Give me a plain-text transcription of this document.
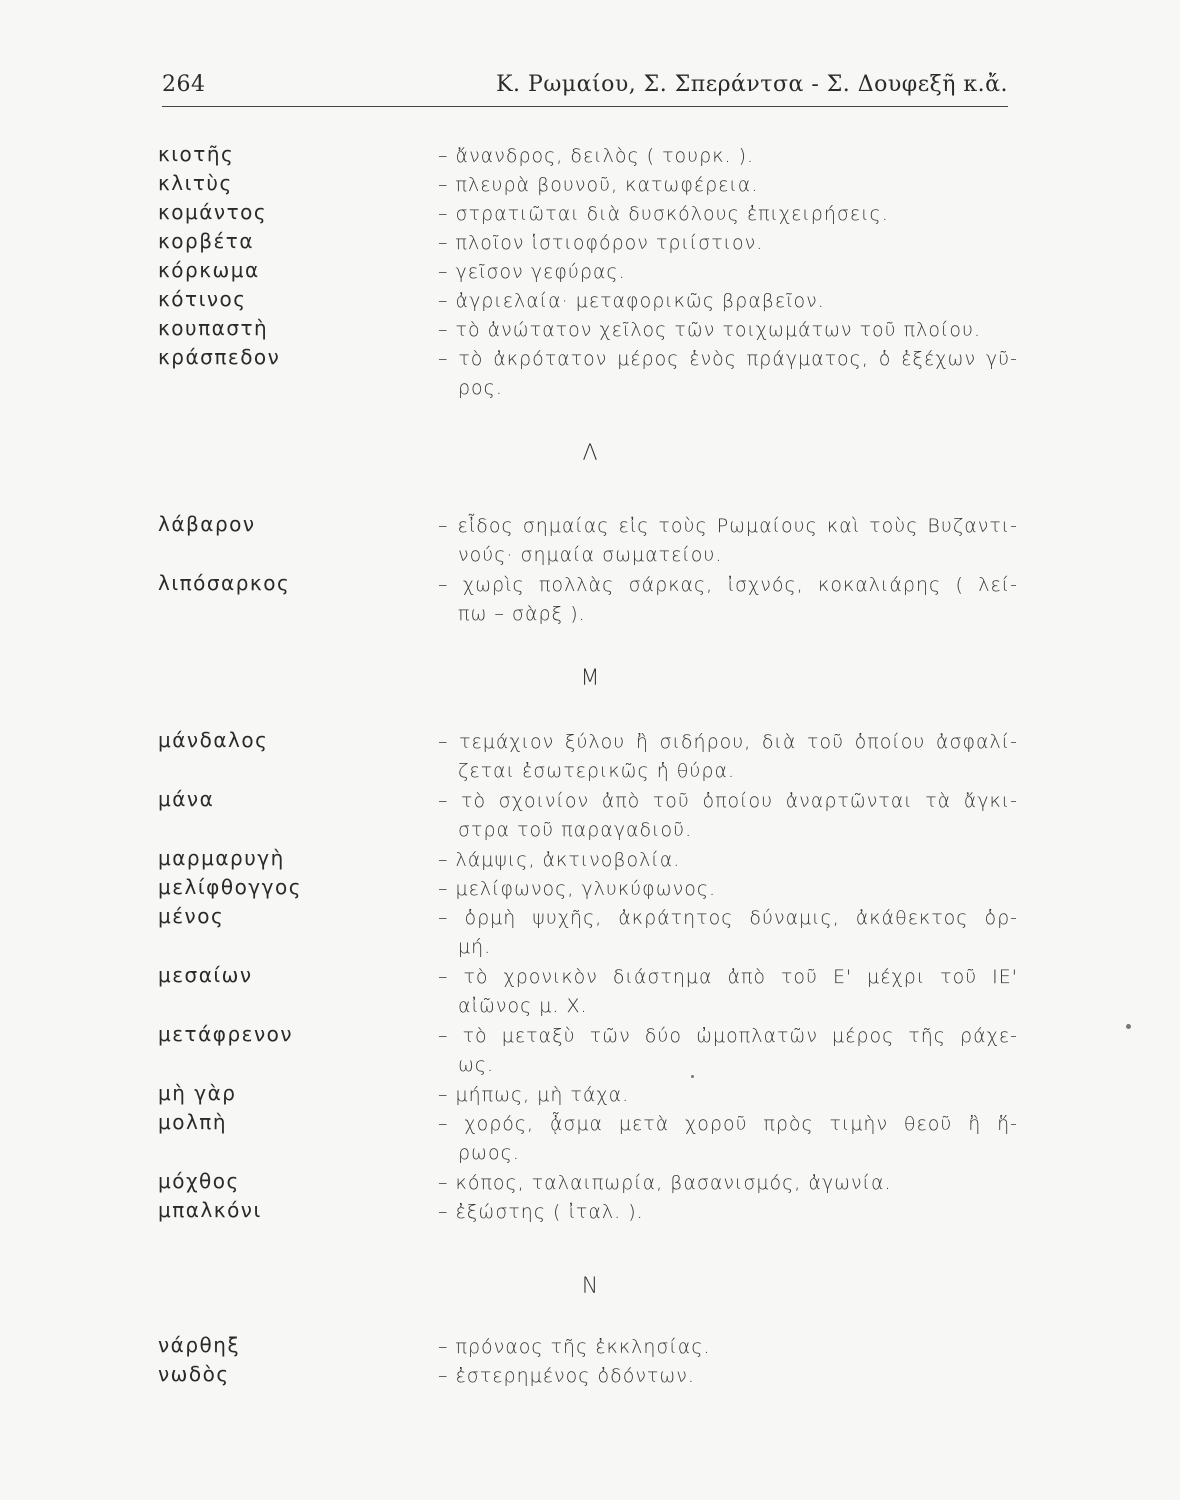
264	Κ. Ρωμαίου, Σ. Σπεράντσα - Σ. Δουφεξῆ κ.ἄ.
κιοτῆς	– ἄνανδρος, δειλὸς ( τουρκ. ).
κλιτὺς	– πλευρὰ βουνοῦ, κατωφέρεια.
κομάντος	– στρατιῶται διὰ δυσκόλους ἐπιχειρήσεις.
κορβέτα	– πλοῖον ἱστιοφόρον τριίστιον.
κόρκωμα	– γεῖσον γεφύρας.
κότινος	– ἀγριελαία· μεταφορικῶς βραβεῖον.
κουπαστὴ	– τὸ ἀνώτατον χεῖλος τῶν τοιχωμάτων τοῦ πλοίου.
κράσπεδον	– τὸ ἀκρότατον μέρος ἑνὸς πράγματος, ὁ ἐξέχων γῦ-
ρος.
Λ
λάβαρον	– εἶδος σημαίας εἰς τοὺς Ρωμαίους καὶ τοὺς Βυζαντι-
νούς· σημαία σωματείου.
λιπόσαρκος	– χωρὶς πολλὰς σάρκας, ἰσχνός, κοκαλιάρης ( λεί-
πω – σὰρξ ).
Μ
μάνδαλος	– τεμάχιον ξύλου ἢ σιδήρου, διὰ τοῦ ὁποίου ἀσφαλί-
ζεται ἐσωτερικῶς ἡ θύρα.
μάνα	– τὸ σχοινίον ἀπὸ τοῦ ὁποίου ἀναρτῶνται τὰ ἄγκι-
στρα τοῦ παραγαδιοῦ.
μαρμαρυγὴ	– λάμψις, ἀκτινοβολία.
μελίφθογγος	– μελίφωνος, γλυκύφωνος.
μένος	– ὁρμὴ ψυχῆς, ἀκράτητος δύναμις, ἀκάθεκτος ὁρ-
μή.
μεσαίων	– τὸ χρονικὸν διάστημα ἀπὸ τοῦ Ε' μέχρι τοῦ ΙΕ'
αἰῶνος μ. Χ.
μετάφρενον	– τὸ μεταξὺ τῶν δύο ὠμοπλατῶν μέρος τῆς ράχε-
ως.
μὴ γὰρ	– μήπως, μὴ τάχα.
μολπὴ	– χορός, ᾆσμα μετὰ χοροῦ πρὸς τιμὴν θεοῦ ἢ ἥ-
ρωος.
μόχθος	– κόπος, ταλαιπωρία, βασανισμός, ἀγωνία.
μπαλκόνι	– ἐξώστης ( ἰταλ. ).
Ν
νάρθηξ	– πρόναος τῆς ἐκκλησίας.
νωδὸς	– ἐστερημένος ὀδόντων.
